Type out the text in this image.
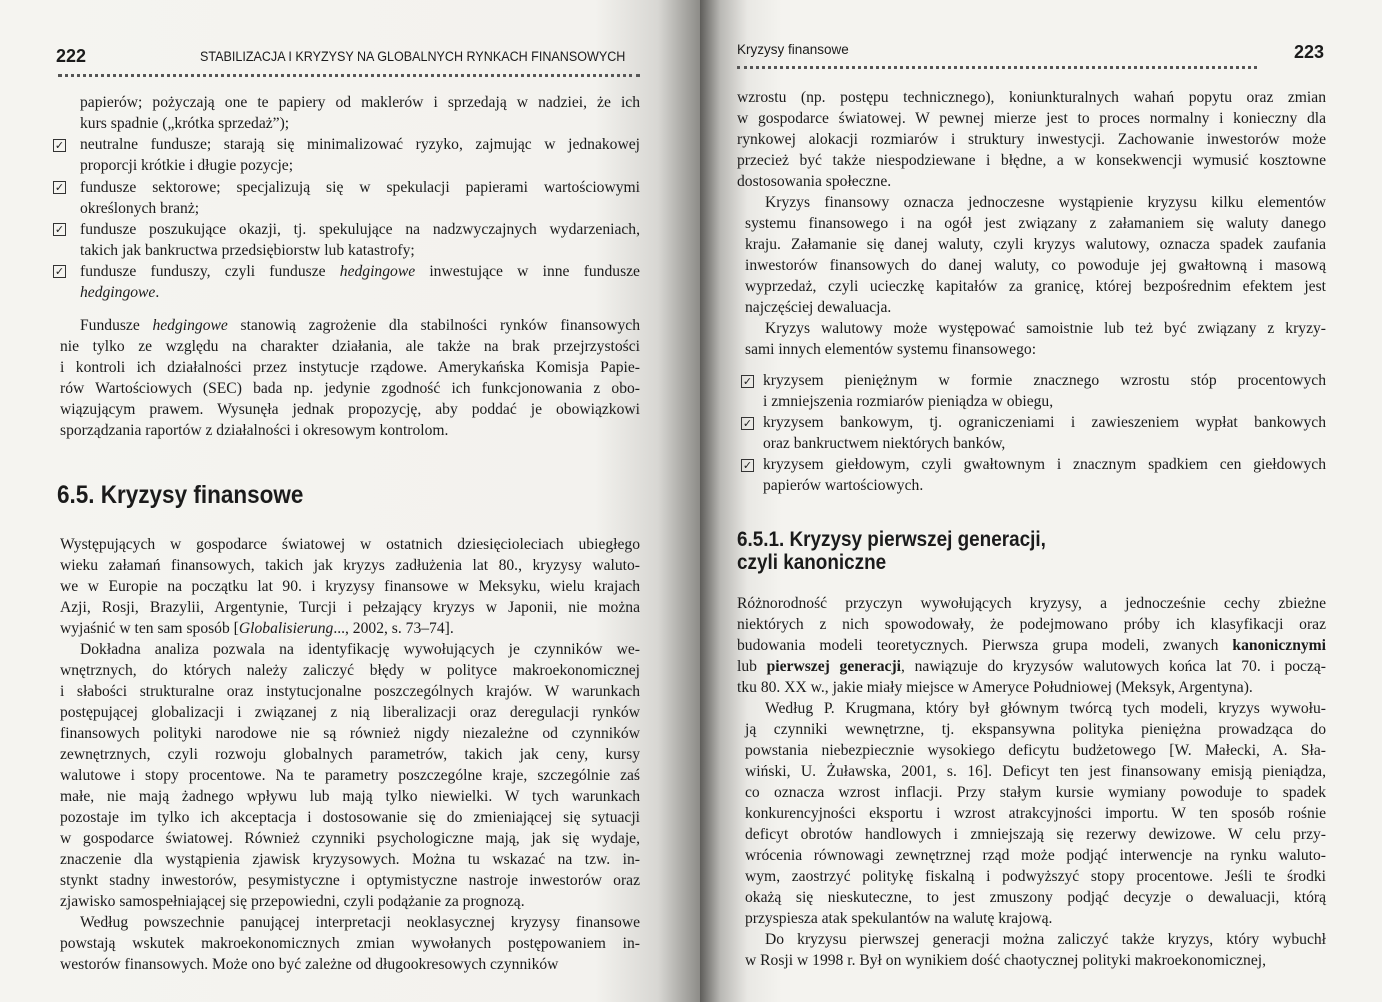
222	STABILIZACJA I KRYZYSY NA GLOBALNYCH RYNKACH FINANSOWYCH
papierów; pożyczają one te papiery od maklerów i sprzedają w nadziei, że ich
kurs spadnie („krótka sprzedaż”);
✓ neutralne fundusze; starają się minimalizować ryzyko, zajmując w jednakowej
proporcji krótkie i długie pozycje;
✓ fundusze sektorowe; specjalizują się w spekulacji papierami wartościowymi
określonych branż;
✓ fundusze poszukujące okazji, tj. spekulujące na nadzwyczajnych wydarzeniach,
takich jak bankructwa przedsiębiorstw lub katastrofy;
✓ fundusze funduszy, czyli fundusze hedgingowe inwestujące w inne fundusze
hedgingowe.
Fundusze hedgingowe stanowią zagrożenie dla stabilności rynków finansowych
nie tylko ze względu na charakter działania, ale także na brak przejrzystości
i kontroli ich działalności przez instytucje rządowe. Amerykańska Komisja Papie-
rów Wartościowych (SEC) bada np. jedynie zgodność ich funkcjonowania z obo-
wiązującym prawem. Wysunęła jednak propozycję, aby poddać je obowiązkowi
sporządzania raportów z działalności i okresowym kontrolom.
6.5. Kryzysy finansowe
Występujących w gospodarce światowej w ostatnich dziesięcioleciach ubiegłego
wieku załamań finansowych, takich jak kryzys zadłużenia lat 80., kryzysy waluto-
we w Europie na początku lat 90. i kryzysy finansowe w Meksyku, wielu krajach
Azji, Rosji, Brazylii, Argentynie, Turcji i pełzający kryzys w Japonii, nie można
wyjaśnić w ten sam sposób [Globalisierung..., 2002, s. 73–74].
Dokładna analiza pozwala na identyfikację wywołujących je czynników we-
wnętrznych, do których należy zaliczyć błędy w polityce makroekonomicznej
i słabości strukturalne oraz instytucjonalne poszczególnych krajów. W warunkach
postępującej globalizacji i związanej z nią liberalizacji oraz deregulacji rynków
finansowych polityki narodowe nie są również nigdy niezależne od czynników
zewnętrznych, czyli rozwoju globalnych parametrów, takich jak ceny, kursy
walutowe i stopy procentowe. Na te parametry poszczególne kraje, szczególnie zaś
małe, nie mają żadnego wpływu lub mają tylko niewielki. W tych warunkach
pozostaje im tylko ich akceptacja i dostosowanie się do zmieniającej się sytuacji
w gospodarce światowej. Również czynniki psychologiczne mają, jak się wydaje,
znaczenie dla wystąpienia zjawisk kryzysowych. Można tu wskazać na tzw. in-
stynkt stadny inwestorów, pesymistyczne i optymistyczne nastroje inwestorów oraz
zjawisko samospełniającej się przepowiedni, czyli podążanie za prognozą.
Według powszechnie panującej interpretacji neoklasycznej kryzysy finansowe
powstają wskutek makroekonomicznych zmian wywołanych postępowaniem in-
westorów finansowych. Może ono być zależne od długookresowych czynników
Kryzysy finansowe	223
wzrostu (np. postępu technicznego), koniunkturalnych wahań popytu oraz zmian
w gospodarce światowej. W pewnej mierze jest to proces normalny i konieczny dla
rynkowej alokacji rozmiarów i struktury inwestycji. Zachowanie inwestorów może
przecież być także niespodziewane i błędne, a w konsekwencji wymusić kosztowne
dostosowania społeczne.
Kryzys finansowy oznacza jednoczesne wystąpienie kryzysu kilku elementów
systemu finansowego i na ogół jest związany z załamaniem się waluty danego
kraju. Załamanie się danej waluty, czyli kryzys walutowy, oznacza spadek zaufania
inwestorów finansowych do danej waluty, co powoduje jej gwałtowną i masową
wyprzedaż, czyli ucieczkę kapitałów za granicę, której bezpośrednim efektem jest
najczęściej dewaluacja.
Kryzys walutowy może występować samoistnie lub też być związany z kryzy-
sami innych elementów systemu finansowego:
✓ kryzysem pieniężnym w formie znacznego wzrostu stóp procentowych
i zmniejszenia rozmiarów pieniądza w obiegu,
✓ kryzysem bankowym, tj. ograniczeniami i zawieszeniem wypłat bankowych
oraz bankructwem niektórych banków,
✓ kryzysem giełdowym, czyli gwałtownym i znacznym spadkiem cen giełdowych
papierów wartościowych.
6.5.1. Kryzysy pierwszej generacji,
czyli kanoniczne
Różnorodność przyczyn wywołujących kryzysy, a jednocześnie cechy zbieżne
niektórych z nich spowodowały, że podejmowano próby ich klasyfikacji oraz
budowania modeli teoretycznych. Pierwsza grupa modeli, zwanych kanonicznymi
lub pierwszej generacji, nawiązuje do kryzysów walutowych końca lat 70. i począ-
tku 80. XX w., jakie miały miejsce w Ameryce Południowej (Meksyk, Argentyna).
Według P. Krugmana, który był głównym twórcą tych modeli, kryzys wywołu-
ją czynniki wewnętrzne, tj. ekspansywna polityka pieniężna prowadząca do
powstania niebezpiecznie wysokiego deficytu budżetowego [W. Małecki, A. Sła-
wiński, U. Żuławska, 2001, s. 16]. Deficyt ten jest finansowany emisją pieniądza,
co oznacza wzrost inflacji. Przy stałym kursie wymiany powoduje to spadek
konkurencyjności eksportu i wzrost atrakcyjności importu. W ten sposób rośnie
deficyt obrotów handlowych i zmniejszają się rezerwy dewizowe. W celu przy-
wrócenia równowagi zewnętrznej rząd może podjąć interwencje na rynku waluto-
wym, zaostrzyć politykę fiskalną i podwyższyć stopy procentowe. Jeśli te środki
okażą się nieskuteczne, to jest zmuszony podjąć decyzje o dewaluacji, którą
przyspiesza atak spekulantów na walutę krajową.
Do kryzysu pierwszej generacji można zaliczyć także kryzys, który wybuchł
w Rosji w 1998 r. Był on wynikiem dość chaotycznej polityki makroekonomicznej,
